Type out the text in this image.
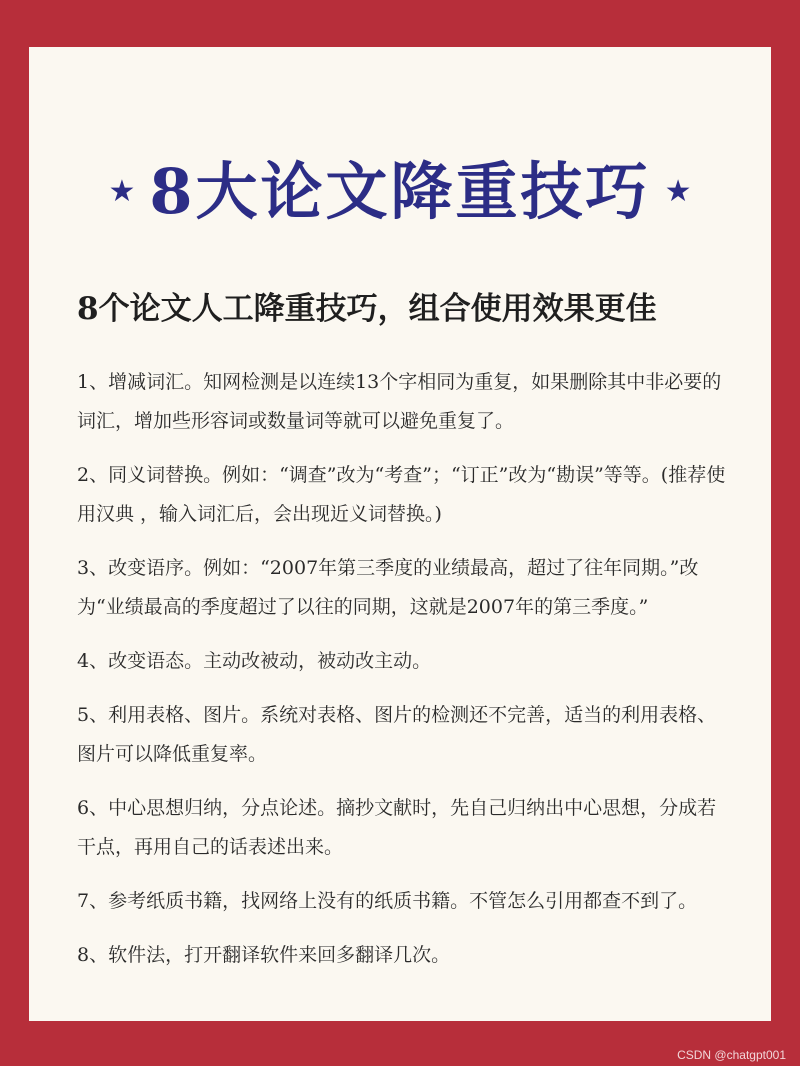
★ 8大论文降重技巧 ★
8个论文人工降重技巧，组合使用效果更佳
1、增减词汇。知网检测是以连续13个字相同为重复，如果删除其中非必要的词汇，增加些形容词或数量词等就可以避免重复了。
2、同义词替换。例如：“调查”改为“考查”；“订正”改为“勘误”等等。(推荐使用汉典 ，输入词汇后，会出现近义词替换。)
3、改变语序。例如：“2007年第三季度的业绩最高，超过了往年同期。”改为“业绩最高的季度超过了以往的同期，这就是2007年的第三季度。”
4、改变语态。主动改被动，被动改主动。
5、利用表格、图片。系统对表格、图片的检测还不完善，适当的利用表格、图片可以降低重复率。
6、中心思想归纳，分点论述。摘抄文献时，先自己归纳出中心思想，分成若干点，再用自己的话表述出来。
7、参考纸质书籍，找网络上没有的纸质书籍。不管怎么引用都查不到了。
8、软件法，打开翻译软件来回多翻译几次。
CSDN @chatgpt001
